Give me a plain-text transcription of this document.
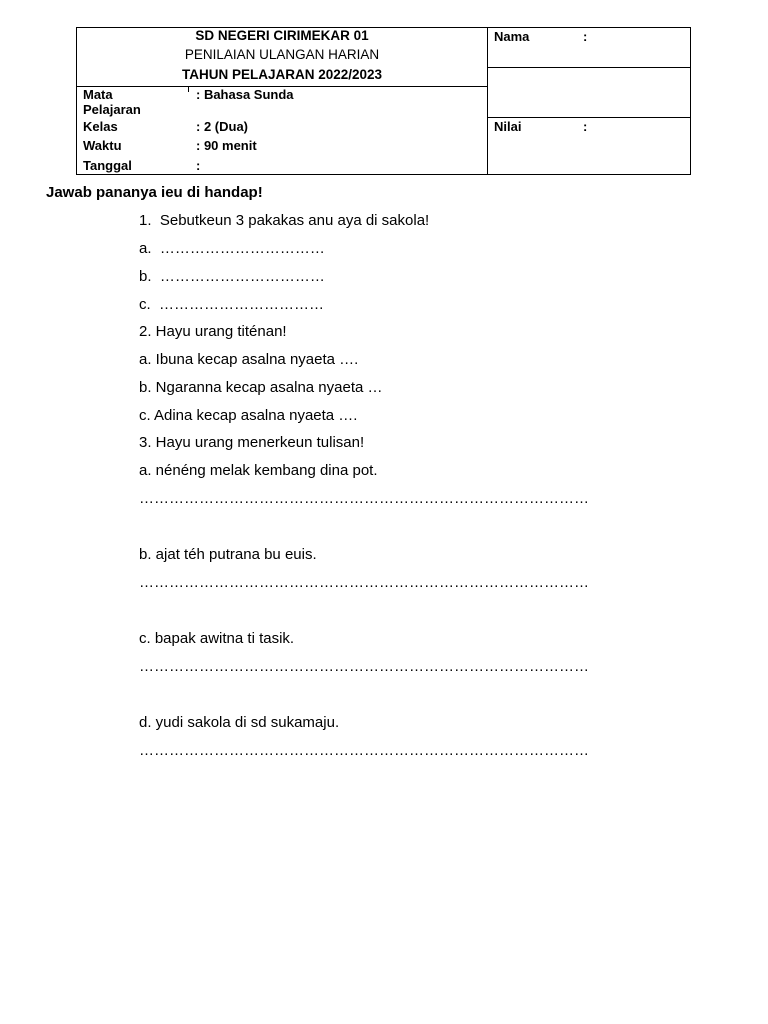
SD NEGERI CIRIMEKAR 01
PENILAIAN ULANGAN HARIAN
TAHUN PELAJARAN 2022/2023
Mata
Pelajaran
: Bahasa Sunda
Kelas	: 2 (Dua)
Waktu	: 90 menit
Tanggal	:
Nama	:
Nilai	:
Jawab pananya ieu di handap!
1.  Sebutkeun 3 pakakas anu aya di sakola!
a.  ……………………………
b.  ……………………………
c.  ……………………………
2. Hayu urang titénan!
a. Ibuna kecap asalna nyaeta ….
b. Ngaranna kecap asalna nyaeta …
c. Adina kecap asalna nyaeta ….
3. Hayu urang menerkeun tulisan!
a. nénéng melak kembang dina pot.
………………………………………………………………………………
b. ajat téh putrana bu euis.
………………………………………………………………………………
c. bapak awitna ti tasik.
………………………………………………………………………………
d. yudi sakola di sd sukamaju.
………………………………………………………………………………
